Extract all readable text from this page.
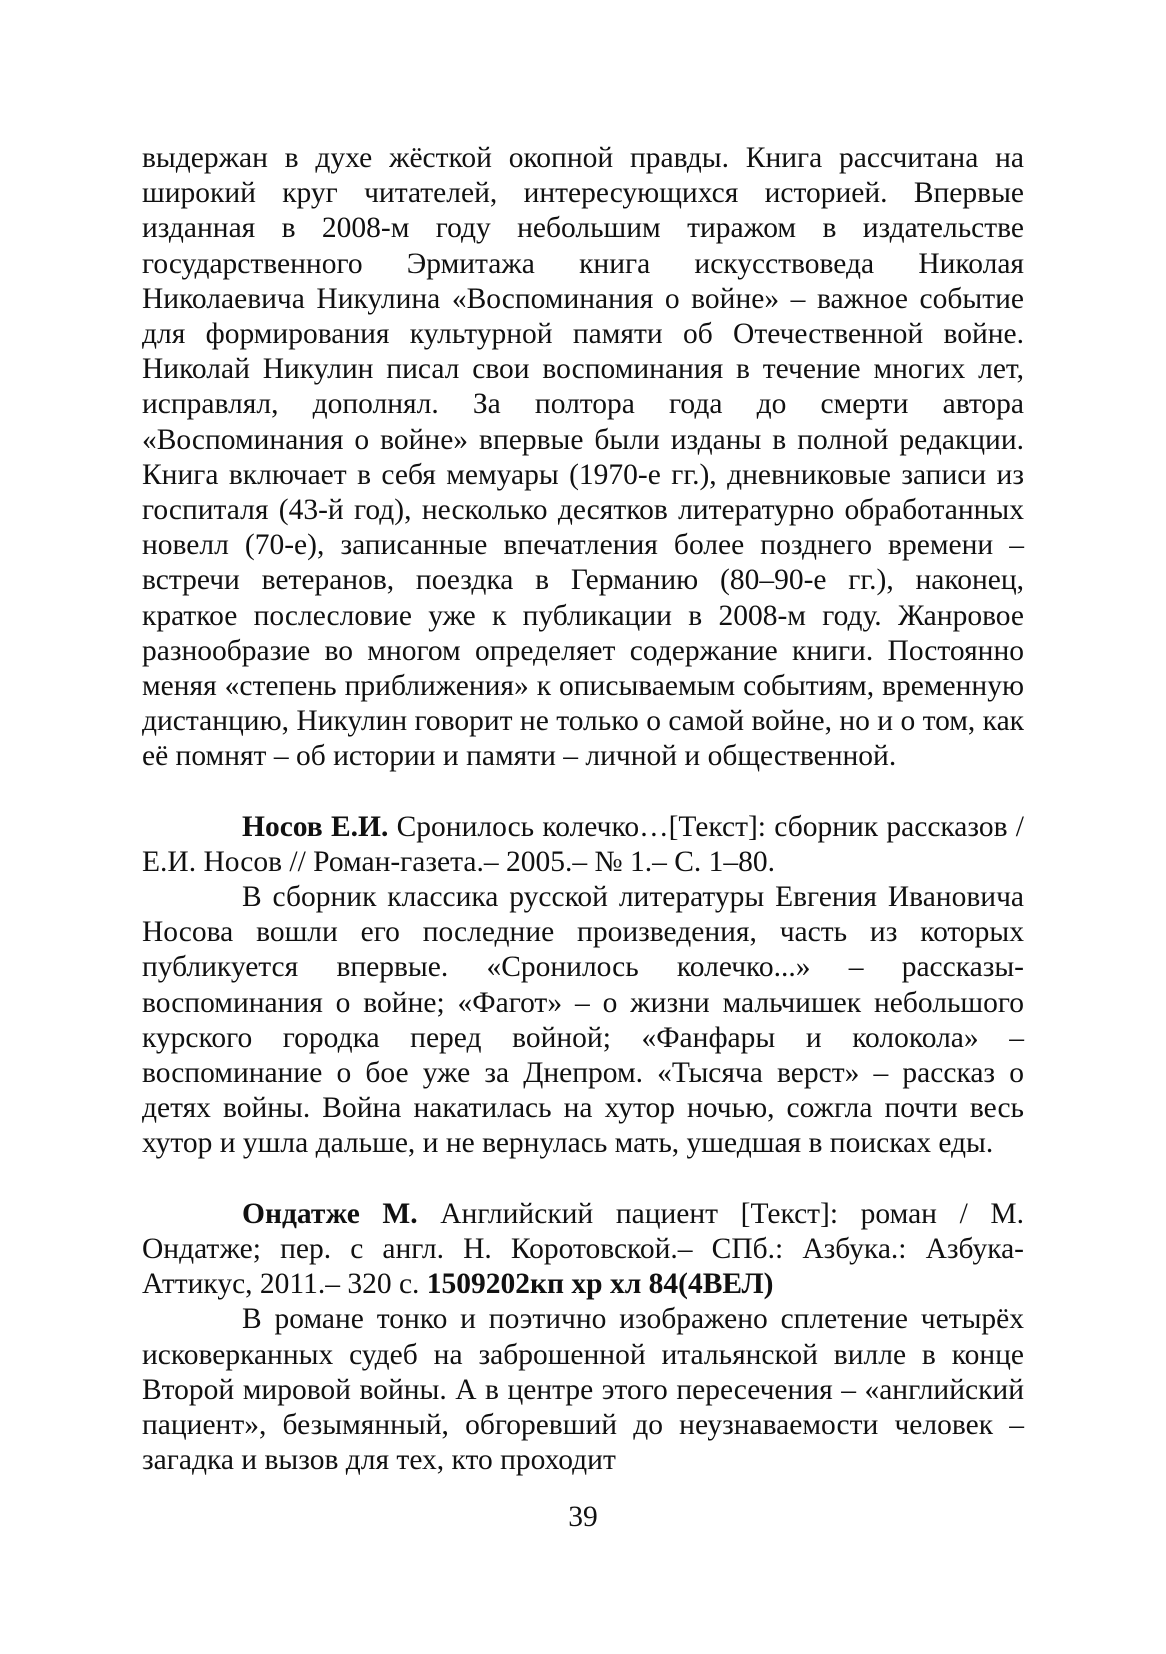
выдержан в духе жёсткой окопной правды. Книга рассчитана на широкий круг читателей, интересующихся историей. Впервые изданная в 2008-м году небольшим тиражом в издательстве государственного Эрмитажа книга искусствоведа Николая Николаевича Никулина «Воспоминания о войне» – важное событие для формирования культурной памяти об Отечественной войне. Николай Никулин писал свои воспоминания в течение многих лет, исправлял, дополнял. За полтора года до смерти автора «Воспоминания о войне» впервые были изданы в полной редакции. Книга включает в себя мемуары (1970-е гг.), дневниковые записи из госпиталя (43-й год), несколько десятков литературно обработанных новелл (70-е), записанные впечатления более позднего времени – встречи ветеранов, поездка в Германию (80–90-е гг.), наконец, краткое послесловие уже к публикации в 2008-м году. Жанровое разнообразие во многом определяет содержание книги. Постоянно меняя «степень приближения» к описываемым событиям, временную дистанцию, Никулин говорит не только о самой войне, но и о том, как её помнят – об истории и памяти – личной и общественной.

Носов Е.И. Сронилось колечко…[Текст]: сборник рассказов / Е.И. Носов // Роман-газета.– 2005.– № 1.– С. 1–80.

В сборник классика русской литературы Евгения Ивановича Носова вошли его последние произведения, часть из которых публикуется впервые. «Сронилось колечко...» – рассказы-воспоминания о войне; «Фагот» – о жизни мальчишек небольшого курского городка перед войной; «Фанфары и колокола» – воспоминание о бое уже за Днепром. «Тысяча верст» – рассказ о детях войны. Война накатилась на хутор ночью, сожгла почти весь хутор и ушла дальше, и не вернулась мать, ушедшая в поисках еды.

Ондатже М. Английский пациент [Текст]: роман / М. Ондатже; пер. с англ. Н. Коротовской.– СПб.: Азбука.: Азбука-Аттикус, 2011.– 320 с. 1509202кп хр хл 84(4ВЕЛ)

В романе тонко и поэтично изображено сплетение четырёх исковерканных судеб на заброшенной итальянской вилле в конце Второй мировой войны. А в центре этого пересечения – «английский пациент», безымянный, обгоревший до неузнаваемости человек – загадка и вызов для тех, кто проходит

39
